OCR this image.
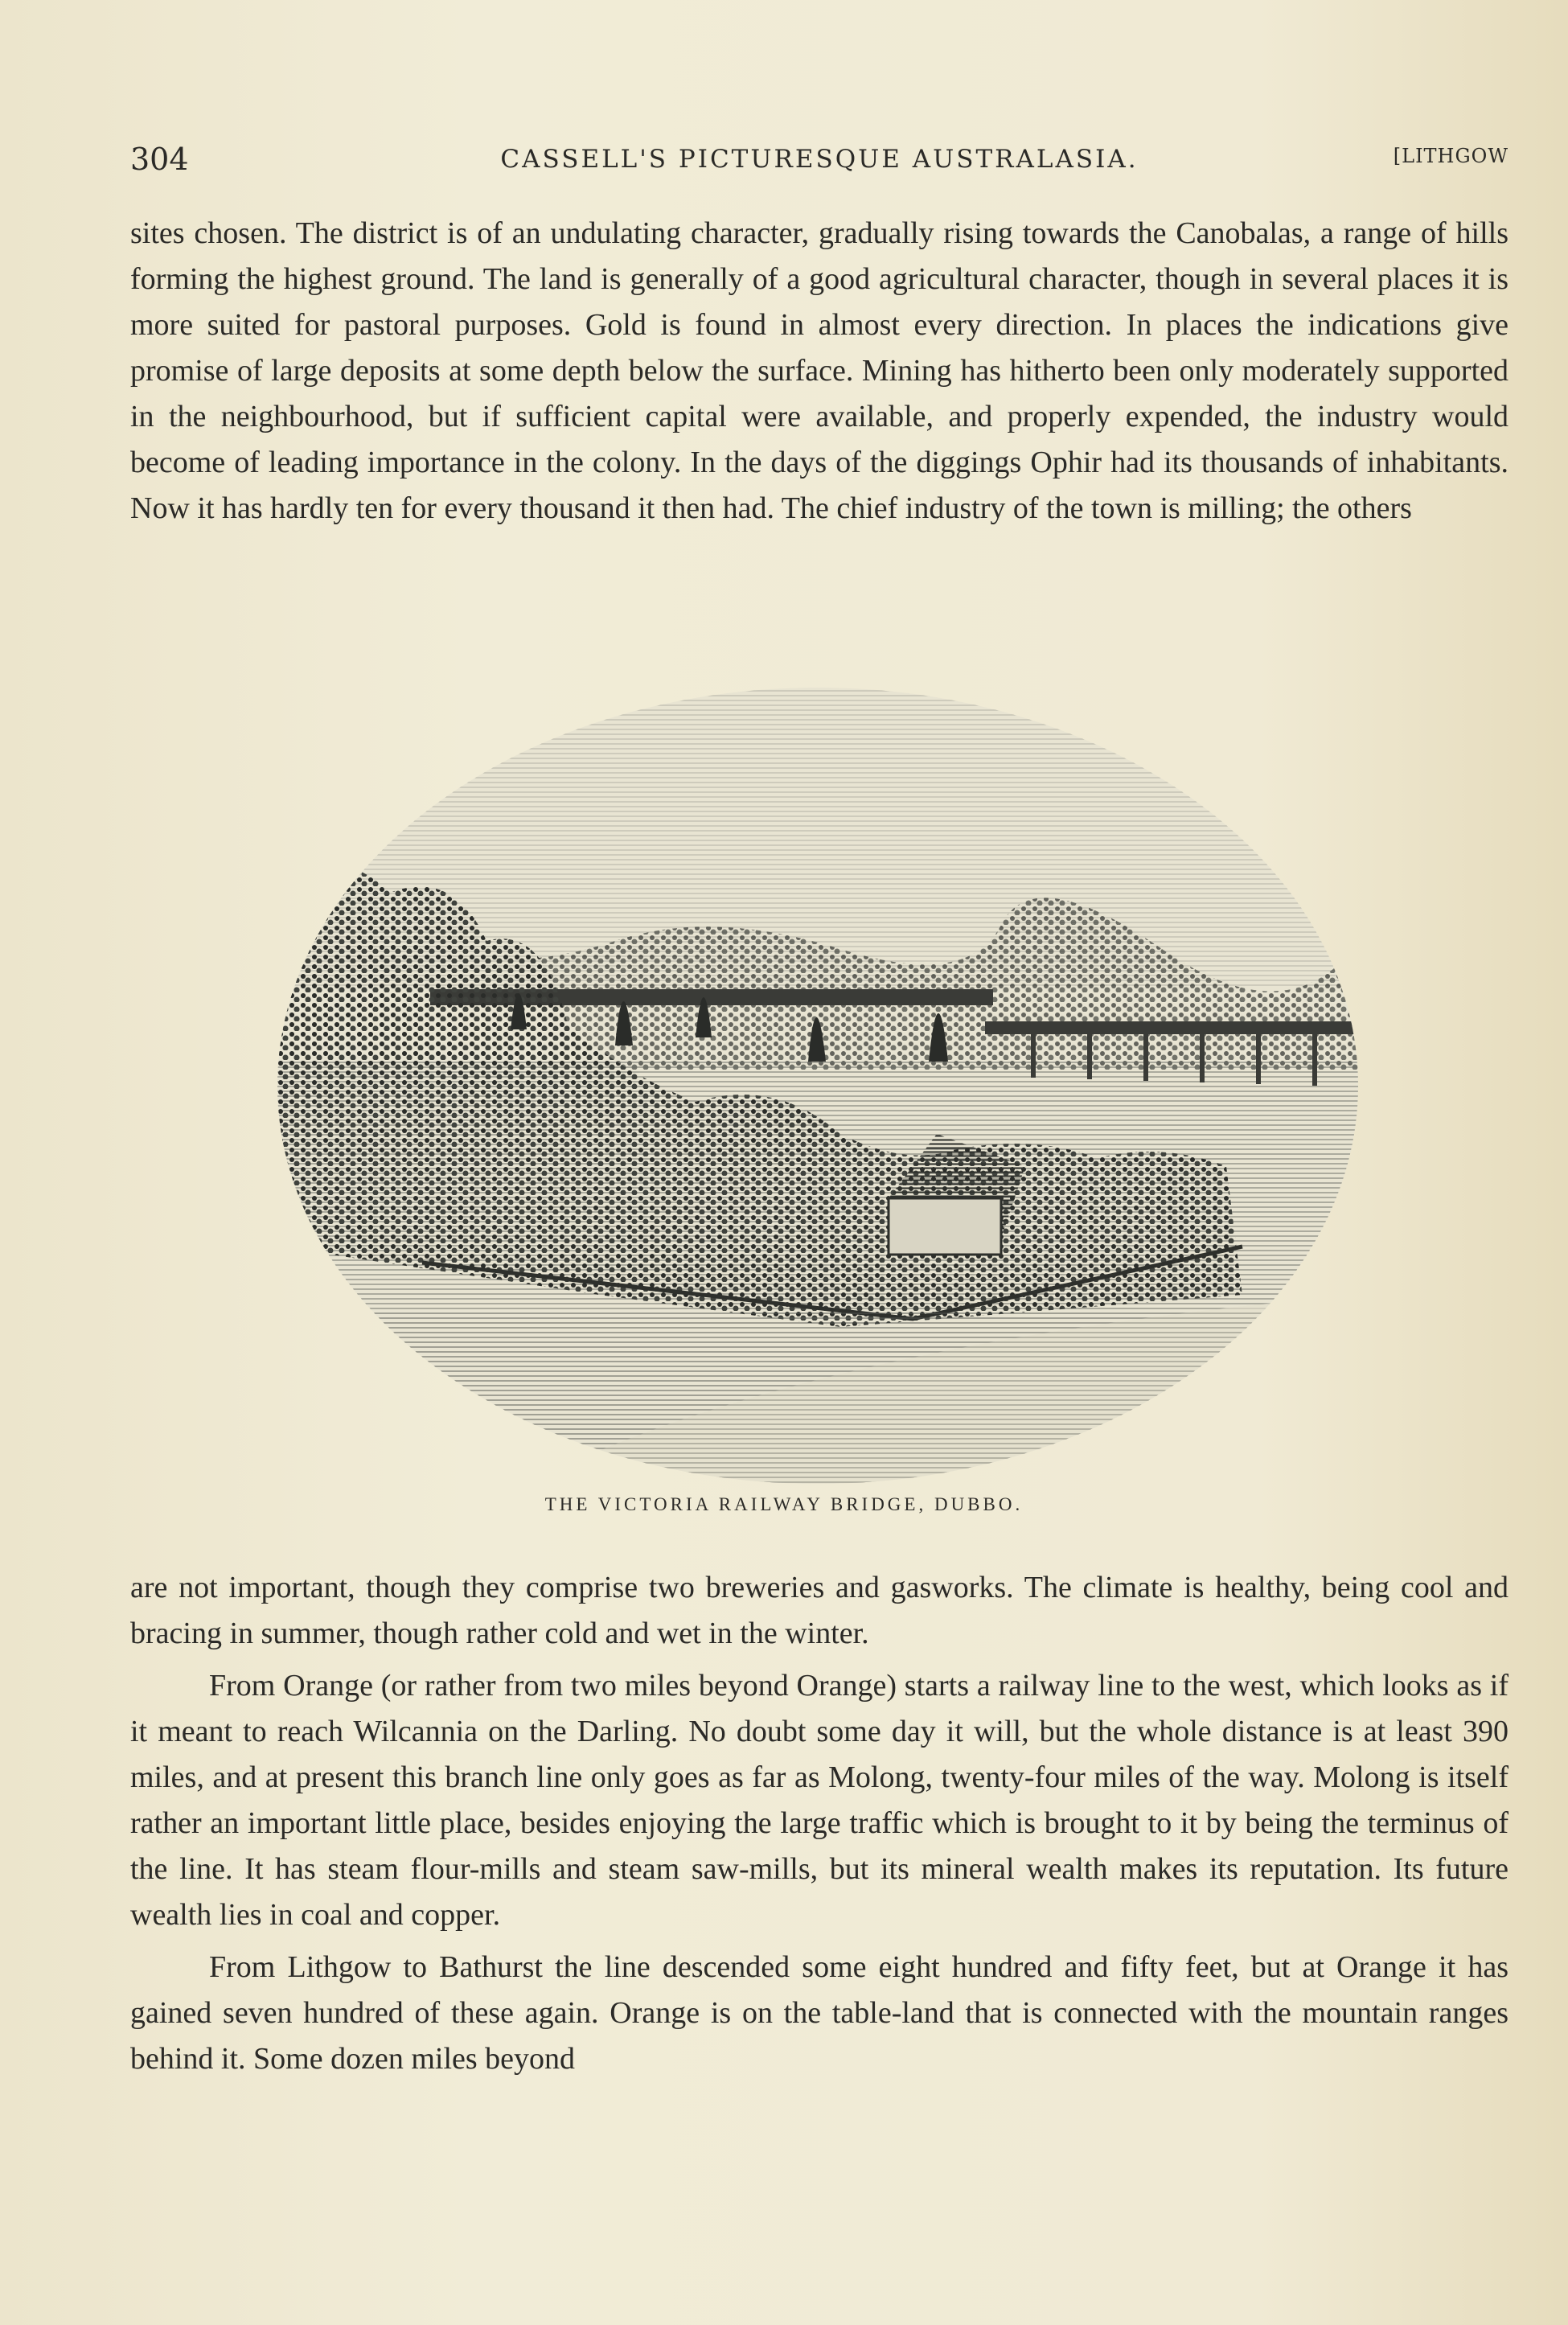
304	CASSELL'S PICTURESQUE AUSTRALASIA.	[LITHGOW

sites chosen. The district is of an undulating character, gradually rising towards the Canobalas, a range of hills forming the highest ground. The land is generally of a good agricultural character, though in several places it is more suited for pastoral purposes. Gold is found in almost every direction. In places the indications give promise of large deposits at some depth below the surface. Mining has hitherto been only moderately supported in the neighbourhood, but if sufficient capital were available, and properly expended, the industry would become of leading importance in the colony. In the days of the diggings Ophir had its thousands of inhabitants. Now it has hardly ten for every thousand it then had. The chief industry of the town is milling; the others

THE VICTORIA RAILWAY BRIDGE, DUBBO.

are not important, though they comprise two breweries and gasworks. The climate is healthy, being cool and bracing in summer, though rather cold and wet in the winter.

From Orange (or rather from two miles beyond Orange) starts a railway line to the west, which looks as if it meant to reach Wilcannia on the Darling. No doubt some day it will, but the whole distance is at least 390 miles, and at present this branch line only goes as far as Molong, twenty-four miles of the way. Molong is itself rather an important little place, besides enjoying the large traffic which is brought to it by being the terminus of the line. It has steam flour-mills and steam saw-mills, but its mineral wealth makes its reputation. Its future wealth lies in coal and copper.

From Lithgow to Bathurst the line descended some eight hundred and fifty feet, but at Orange it has gained seven hundred of these again. Orange is on the table-land that is connected with the mountain ranges behind it. Some dozen miles beyond
